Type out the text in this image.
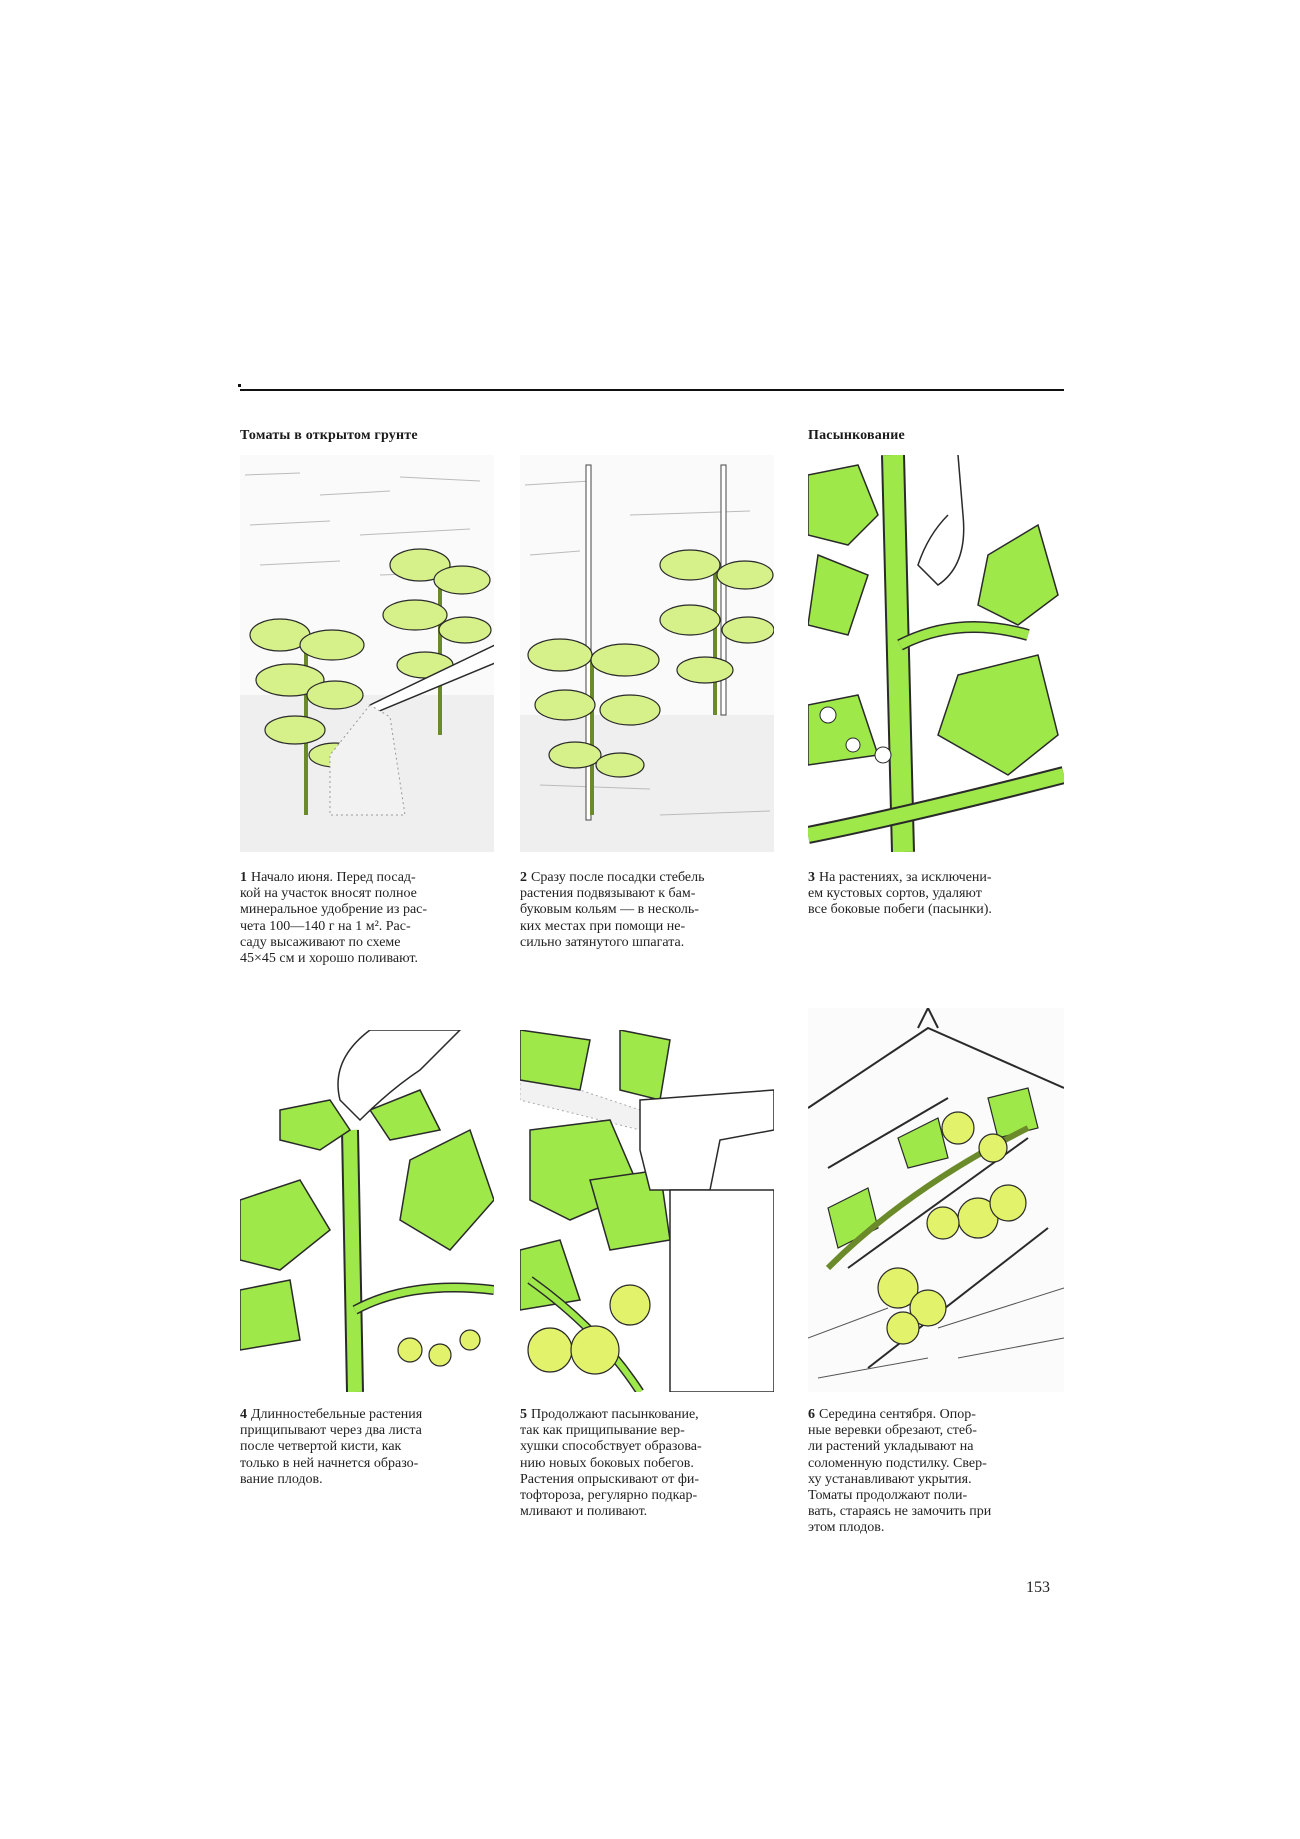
Томаты в открытом грунте	Пасынкование

1 Начало июня. Перед посад-

кой на участок вносят полное

минеральное удобрение из рас-

чета 100—140 г на 1 м². Рас-

саду высаживают по схеме

45×45 см и хорошо поливают.

2 Сразу после посадки стебель

растения подвязывают к бам-

буковым кольям — в несколь-

ких местах при помощи не-

сильно затянутого шпагата.

3 На растениях, за исключени-

ем кустовых сортов, удаляют

все боковые побеги (пасынки).

4 Длинностебельные растения

прищипывают через два листа

после четвертой кисти, как

только в ней начнется образо-

вание плодов.

5 Продолжают пасынкование,

так как прищипывание вер-

хушки способствует образова-

нию новых боковых побегов.

Растения опрыскивают от фи-

тофтороза, регулярно подкар-

мливают и поливают.

6 Середина сентября. Опор-

ные веревки обрезают, стеб-

ли растений укладывают на

соломенную подстилку. Свер-

ху устанавливают укрытия.

Томаты продолжают поли-

вать, стараясь не замочить при

этом плодов.

153
